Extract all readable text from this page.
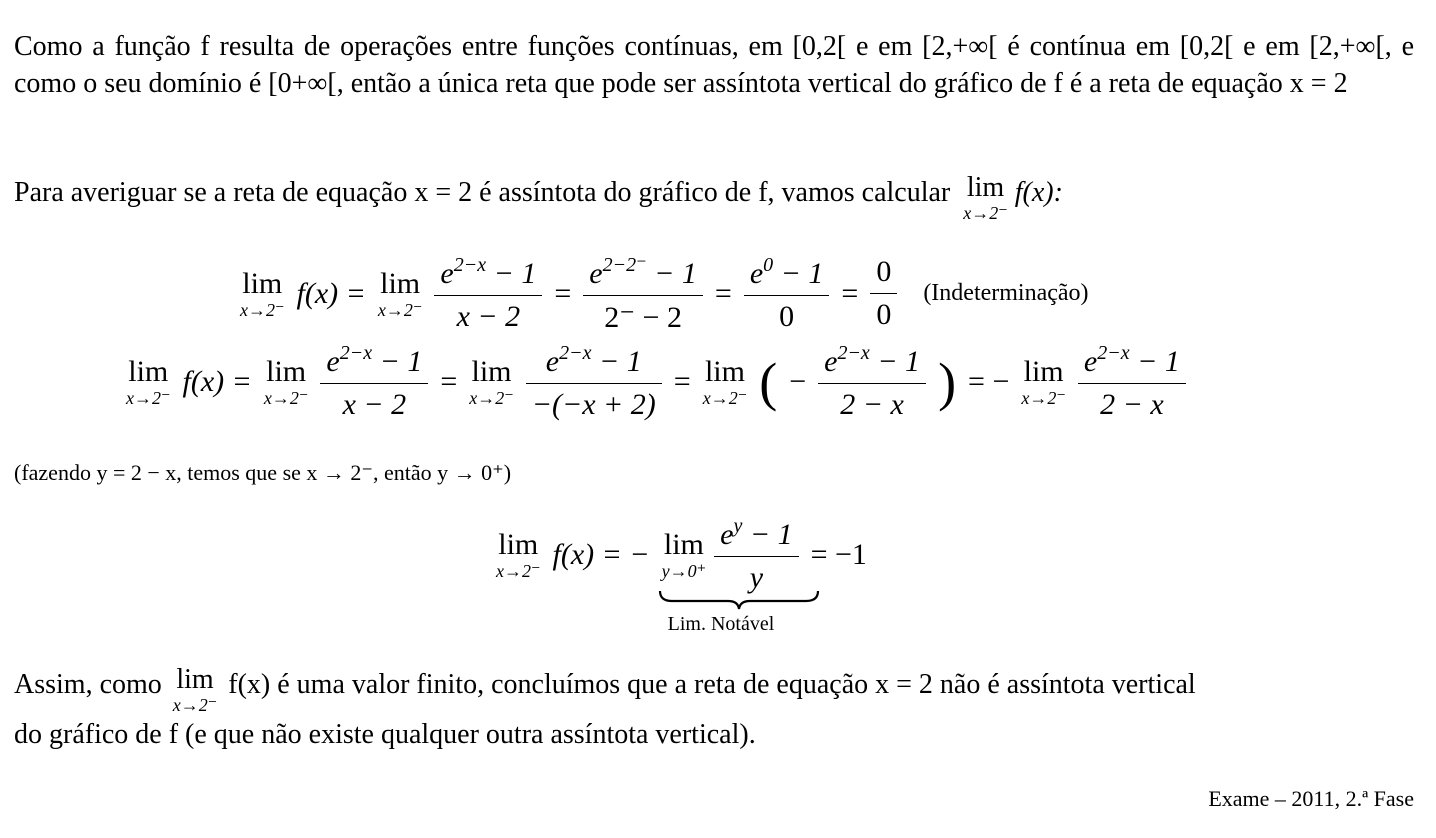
Como a função f resulta de operações entre funções contínuas, em [0,2[ e em [2,+∞[ é contínua em [0,2[ e em [2,+∞[, e como o seu domínio é [0+∞[, então a única reta que pode ser assíntota vertical do gráfico de f é a reta de equação x = 2
Para averiguar se a reta de equação x = 2 é assíntota do gráfico de f, vamos calcular lim
x→2⁻
f(x):
lim
x→2⁻ f(x) = lim
$x\to 2^- \frac{e^{2-x} - 1}{x - 2} = \frac{e^{2-2^-} - 1}{2^- - 2} = \frac{e^0 - 1}{0} = \frac{0}{0}$ (Indeterminação)
lim
x→2⁻ f(x) = lim
$x\to 2^- \frac{e^{2-x} - 1}{x - 2} = \lim$
$x\to 2^- \frac{e^{2-x} - 1}{-(-x + 2)} = \lim$
x→2⁻ ( − $\frac{e^{2-x} - 1}{2 - x}$ ) = − lim
$x\to 2^- \frac{e^{2-x} - 1}{2 - x}$
(fazendo y = 2 − x, temos que se x → 2⁻, então y → 0⁺)
lim
x→2⁻ f(x) = − lim
$y\to 0^+ \frac{e^y - 1}{y}$
Lim. Notável
= −1
Assim, como lim
x→2⁻
f(x) é uma valor finito, concluímos que a reta de equação x = 2 não é assíntota vertical
do gráfico de f (e que não existe qualquer outra assíntota vertical).
Exame – 2011, 2.ª Fase
